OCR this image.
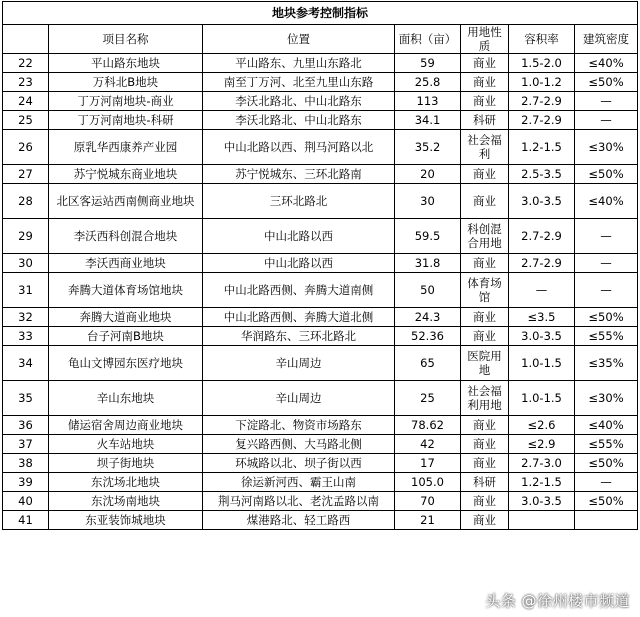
地块参考控制指标						
	项目名称	位置	面积（亩）	用地性质	容积率	建筑密度
22	平山路东地块	平山路东、九里山东路北	59	商业	1.5-2.0	≤40%
23	万科北B地块	南至丁万河、北至九里山东路	25.8	商业	1.0-1.2	≤50%
24	丁万河南地块-商业	李沃北路北、中山北路东	113	商业	2.7-2.9	—
25	丁万河南地块-科研	李沃北路北、中山北路东	34.1	科研	2.7-2.9	—
26	原乳华西康养产业园	中山北路以西、荆马河路以北	35.2	社会福利	1.2-1.5	≤30%
27	苏宁悦城东商业地块	苏宁悦城东、三环北路南	20	商业	2.5-3.5	≤50%
28	北区客运站西南侧商业地块	三环北路北	30	商业	3.0-3.5	≤40%
29	李沃西科创混合地块	中山北路以西	59.5	科创混合用地	2.7-2.9	—
30	李沃西商业地块	中山北路以西	31.8	商业	2.7-2.9	—
31	奔腾大道体育场馆地块	中山北路西侧、奔腾大道南侧	50	体育场馆	—	—
32	奔腾大道商业地块	中山北路西侧、奔腾大道北侧	24.3	商业	≤3.5	≤50%
33	台子河南B地块	华润路东、三环北路北	52.36	商业	3.0-3.5	≤55%
34	龟山文博园东医疗地块	辛山周边	65	医院用地	1.0-1.5	≤35%
35	辛山东地块	辛山周边	25	社会福利用地	1.0-1.5	≤30%
36	储运宿舍周边商业地块	下淀路北、物资市场路东	78.62	商业	≤2.6	≤40%
37	火车站地块	复兴路西侧、大马路北侧	42	商业	≤2.9	≤55%
38	坝子街地块	环城路以北、坝子街以西	17	商业	2.7-3.0	≤50%
39	东沈场北地块	徐运新河西、霸王山南	105.0	科研	1.2-1.5	—
40	东沈场南地块	荆马河南路以北、老沈孟路以南	70	商业	3.0-3.5	≤50%
41	东亚装饰城地块	煤港路北、轻工路西	21	商业		
头条 @徐州楼市频道
